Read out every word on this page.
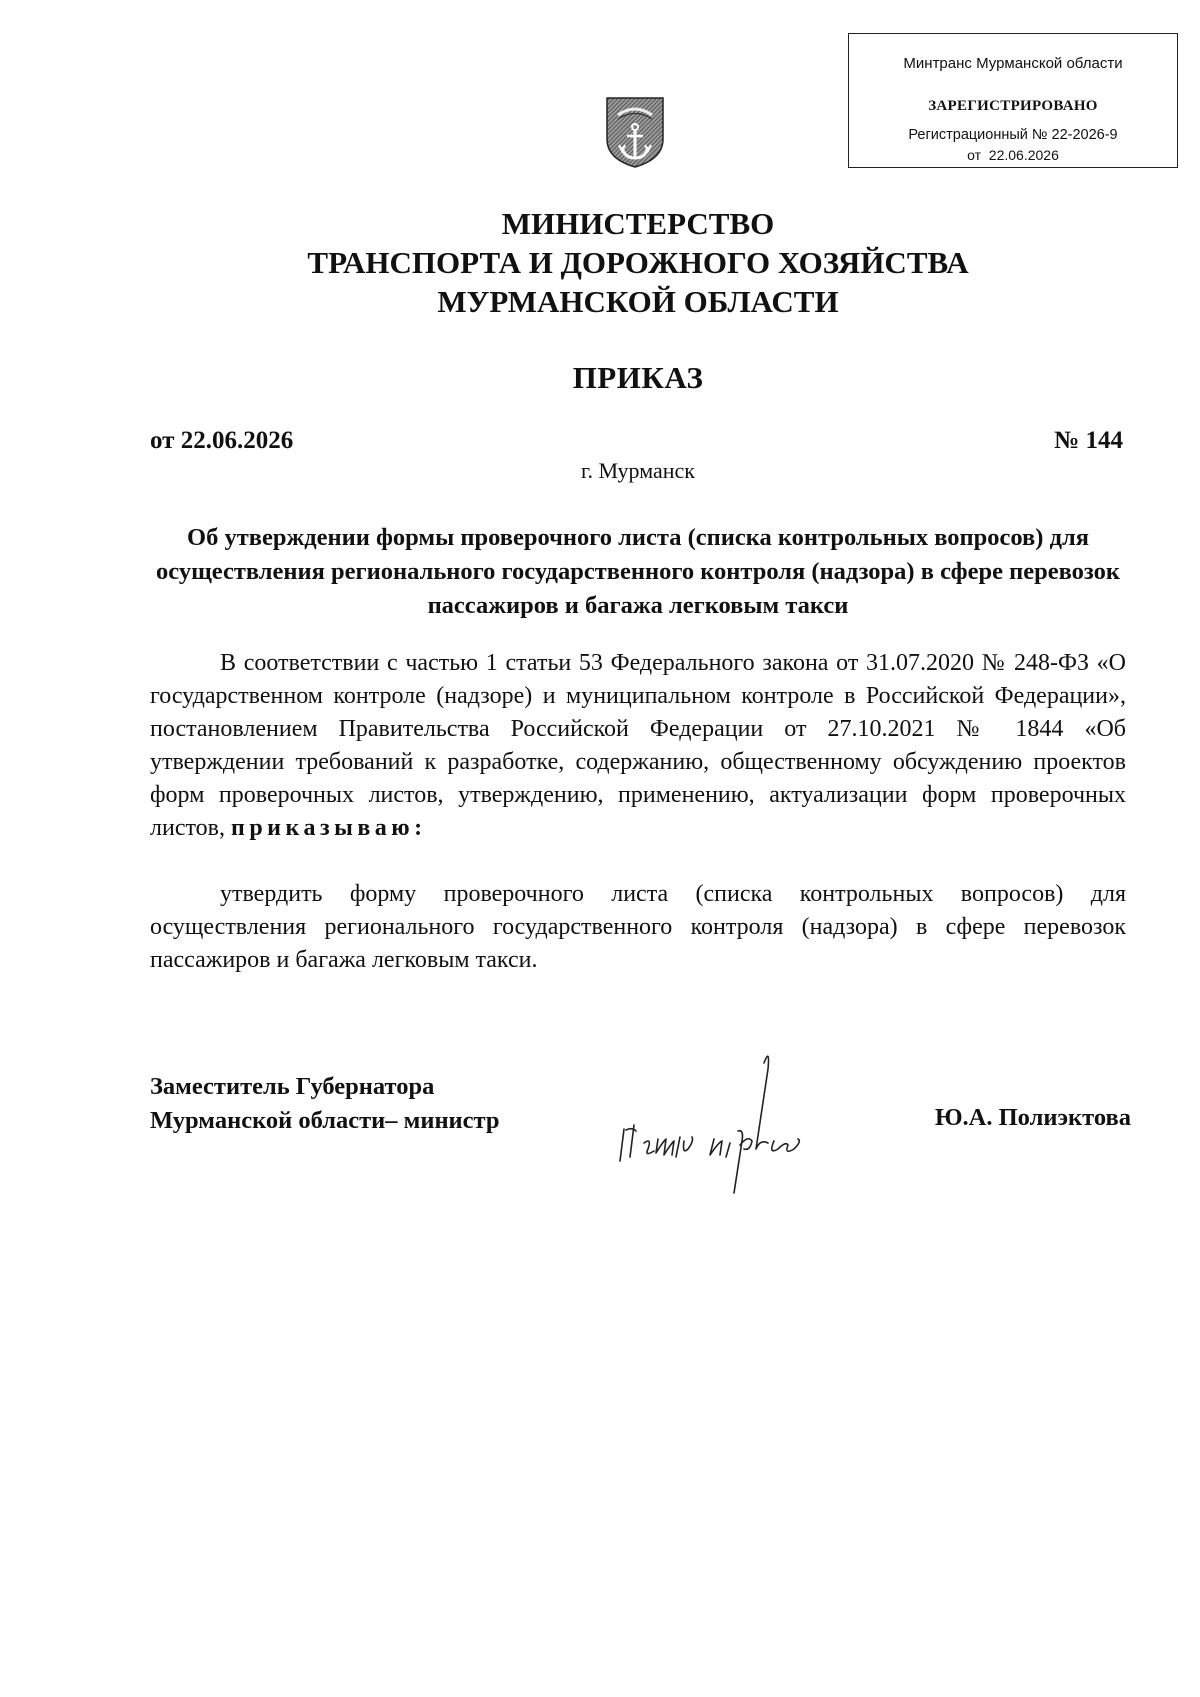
Минтранс Мурманской области
ЗАРЕГИСТРИРОВАНО
Регистрационный № 22-2026-9
от 22.06.2026
МИНИСТЕРСТВО
ТРАНСПОРТА И ДОРОЖНОГО ХОЗЯЙСТВА
МУРМАНСКОЙ ОБЛАСТИ
ПРИКАЗ
от 22.06.2026	№ 144
г. Мурманск
Об утверждении формы проверочного листа (списка контрольных вопросов) для осуществления регионального государственного контроля (надзора) в сфере перевозок пассажиров и багажа легковым такси

В соответствии с частью 1 статьи 53 Федерального закона от 31.07.2020 № 248-ФЗ «О государственном контроле (надзоре) и муниципальном контроле в Российской Федерации», постановлением Правительства Российской Федерации от 27.10.2021 № 1844 «Об утверждении требований к разработке, содержанию, общественному обсуждению проектов форм проверочных листов, утверждению, применению, актуализации форм проверочных листов, приказываю:

утвердить форму проверочного листа (списка контрольных вопросов) для осуществления регионального государственного контроля (надзора) в сфере перевозок пассажиров и багажа легковым такси.

Заместитель Губернатора
Мурманской области– министр	Ю.А. Полиэктова
